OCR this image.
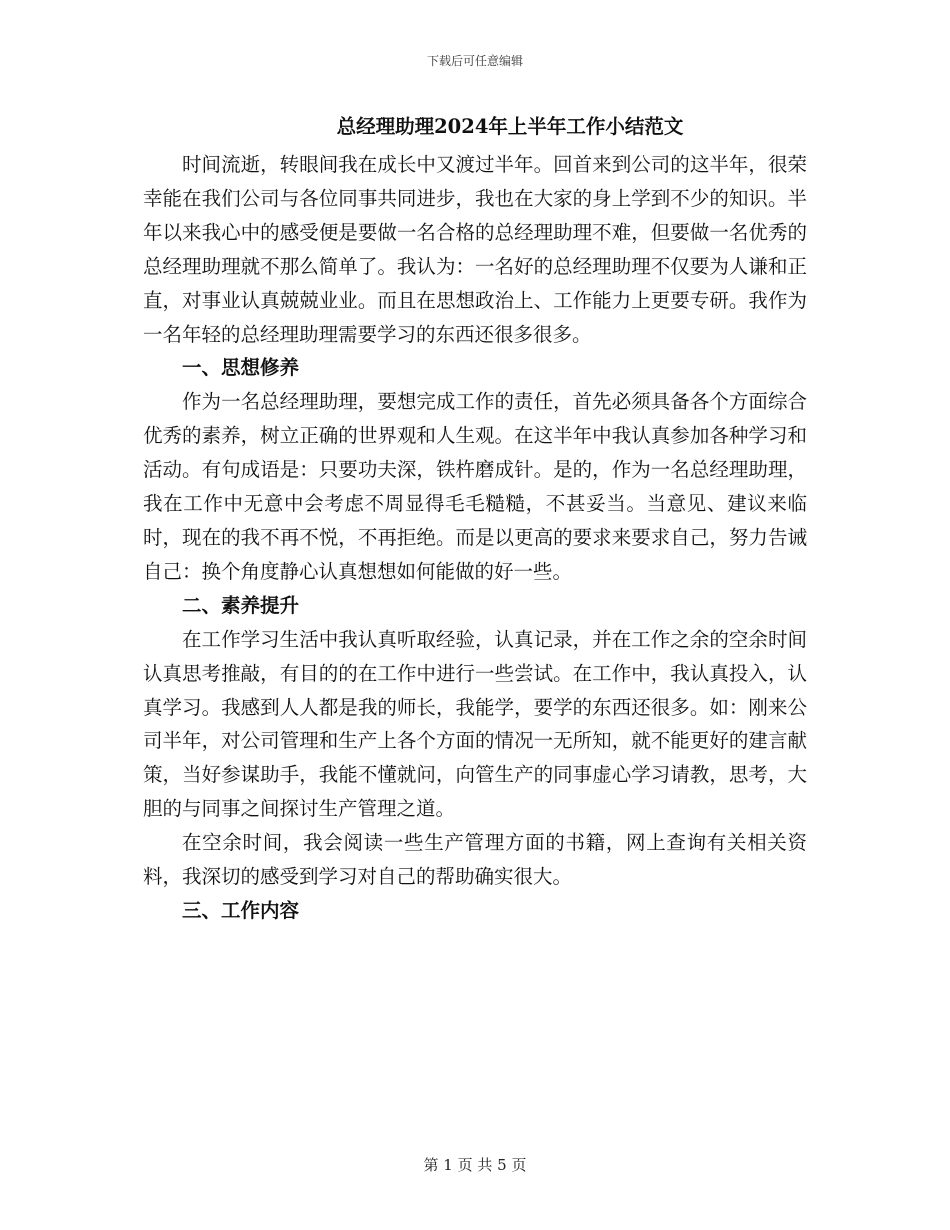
下载后可任意编辑
总经理助理2024年上半年工作小结范文

时间流逝，转眼间我在成长中又渡过半年。回首来到公司的这半年，很荣幸能在我们公司与各位同事共同进步，我也在大家的身上学到不少的知识。半年以来我心中的感受便是要做一名合格的总经理助理不难，但要做一名优秀的总经理助理就不那么简单了。我认为：一名好的总经理助理不仅要为人谦和正直，对事业认真兢兢业业。而且在思想政治上、工作能力上更要专研。我作为一名年轻的总经理助理需要学习的东西还很多很多。

一、思想修养

作为一名总经理助理，要想完成工作的责任，首先必须具备各个方面综合优秀的素养，树立正确的世界观和人生观。在这半年中我认真参加各种学习和活动。有句成语是：只要功夫深，铁杵磨成针。是的，作为一名总经理助理，我在工作中无意中会考虑不周显得毛毛糙糙，不甚妥当。当意见、建议来临时，现在的我不再不悦，不再拒绝。而是以更高的要求来要求自己，努力告诫自己：换个角度静心认真想想如何能做的好一些。

二、素养提升

在工作学习生活中我认真听取经验，认真记录，并在工作之余的空余时间认真思考推敲，有目的的在工作中进行一些尝试。在工作中，我认真投入，认真学习。我感到人人都是我的师长，我能学，要学的东西还很多。如：刚来公司半年，对公司管理和生产上各个方面的情况一无所知，就不能更好的建言献策，当好参谋助手，我能不懂就问，向管生产的同事虚心学习请教，思考，大胆的与同事之间探讨生产管理之道。

在空余时间，我会阅读一些生产管理方面的书籍，网上查询有关相关资料，我深切的感受到学习对自己的帮助确实很大。

三、工作内容
第 1 页 共 5 页
